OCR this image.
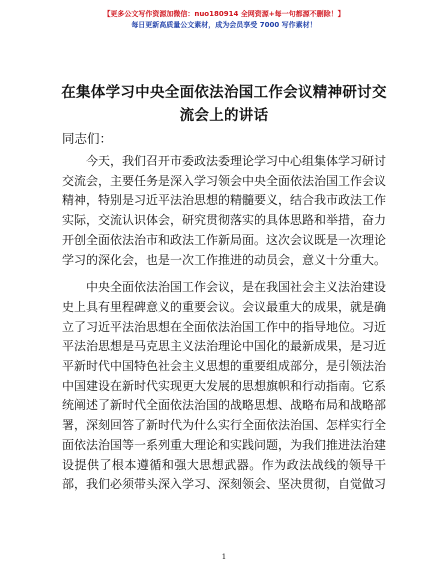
【更多公文写作资源加微信：nuo180914 全网资源+每一句都源不删除！】
每日更新高质量公文素材，成为会员享受 7000 写作素材！
在集体学习中央全面依法治国工作会议精神研讨交流会上的讲话
同志们：

今天，我们召开市委政法委理论学习中心组集体学习研讨交流会，主要任务是深入学习领会中央全面依法治国工作会议精神，特别是习近平法治思想的精髓要义，结合我市政法工作实际，交流认识体会，研究贯彻落实的具体思路和举措，奋力开创全面依法治市和政法工作新局面。这次会议既是一次理论学习的深化会，也是一次工作推进的动员会，意义十分重大。

中央全面依法治国工作会议，是在我国社会主义法治建设史上具有里程碑意义的重要会议。会议最重大的成果，就是确立了习近平法治思想在全面依法治国工作中的指导地位。习近平法治思想是马克思主义法治理论中国化的最新成果，是习近平新时代中国特色社会主义思想的重要组成部分，是引领法治中国建设在新时代实现更大发展的思想旗帜和行动指南。它系统阐述了新时代全面依法治国的战略思想、战略布局和战略部署，深刻回答了新时代为什么实行全面依法治国、怎样实行全面依法治国等一系列重大理论和实践问题，为我们推进法治建设提供了根本遵循和强大思想武器。作为政法战线的领导干部，我们必须带头深入学习、深刻领会、坚决贯彻，自觉做习

1
